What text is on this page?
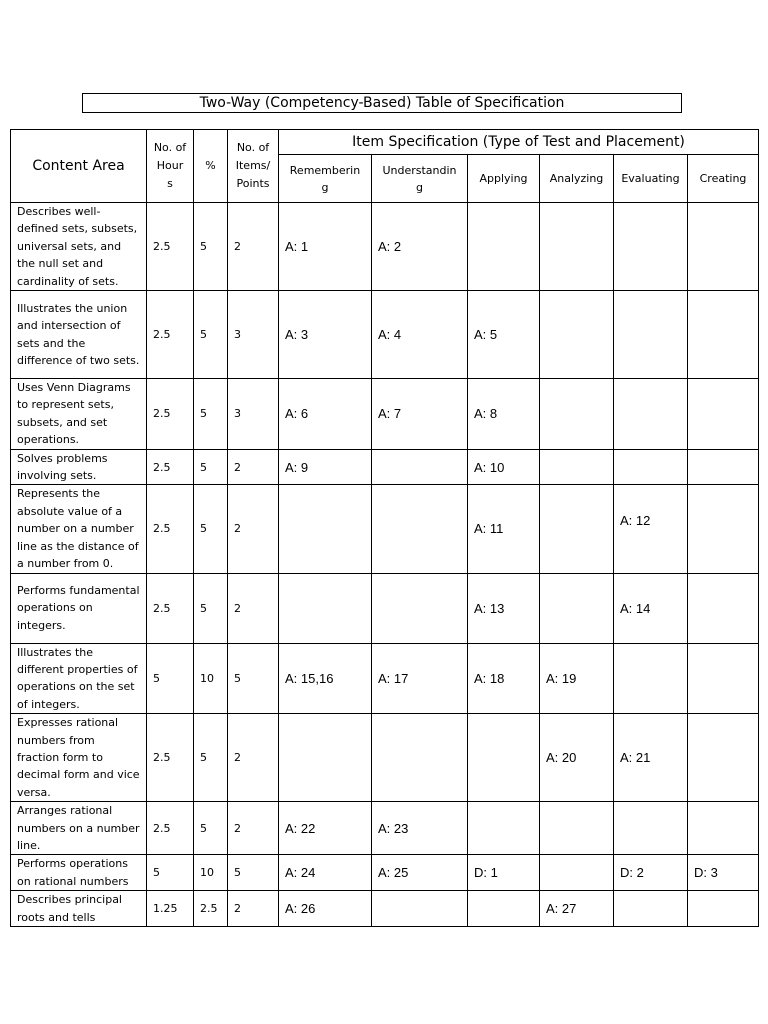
Two-Way (Competency-Based) Table of Specification
Content Area	No. of Hour s	%	No. of Items/ Points	Item Specification (Type of Test and Placement)					
				Rememberin g	Understandin g	Applying	Analyzing	Evaluating	Creating
Describes well-defined sets, subsets, universal sets, and the null set and cardinality of sets.	2.5	5	2	A: 1	A: 2				
Illustrates the union and intersection of sets and the difference of two sets.	2.5	5	3	A: 3	A: 4	A: 5			
Uses Venn Diagrams to represent sets, subsets, and set operations.	2.5	5	3	A: 6	A: 7	A: 8			
Solves problems involving sets.	2.5	5	2	A: 9		A: 10			
Represents the absolute value of a number on a number line as the distance of a number from 0.	2.5	5	2			A: 11		A: 12	
Performs fundamental operations on integers.	2.5	5	2			A: 13		A: 14	
Illustrates the different properties of operations on the set of integers.	5	10	5	A: 15,16	A: 17	A: 18	A: 19		
Expresses rational numbers from fraction form to decimal form and vice versa.	2.5	5	2				A: 20	A: 21	
Arranges rational numbers on a number line.	2.5	5	2	A: 22	A: 23				
Performs operations on rational numbers	5	10	5	A: 24	A: 25	D: 1		D: 2	D: 3
Describes principal roots and tells	1.25	2.5	2	A: 26			A: 27		
